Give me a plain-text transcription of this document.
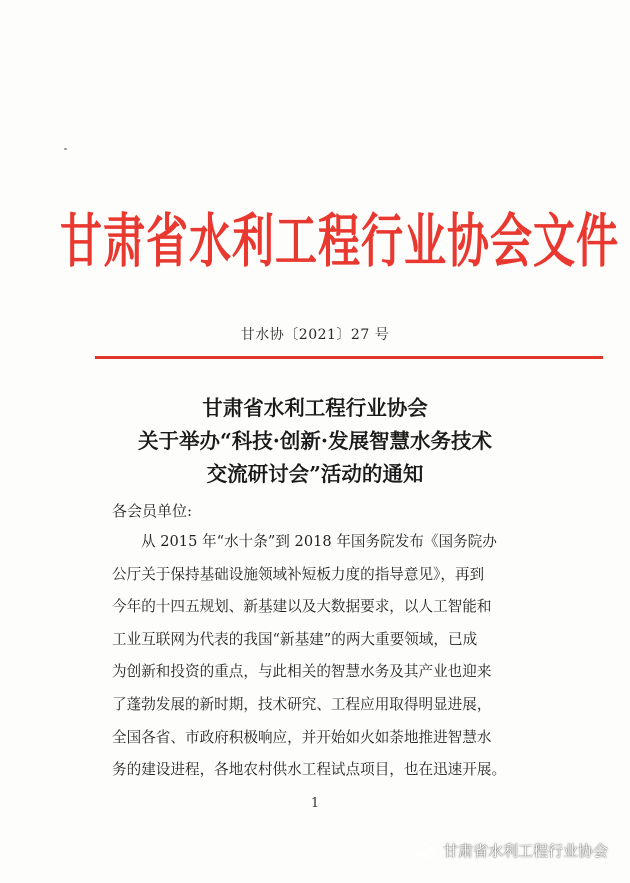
甘肃省水利工程行业协会文件
甘水协〔2021〕27 号
甘肃省水利工程行业协会
关于举办“科技·创新·发展智慧水务技术
交流研讨会”活动的通知
各会员单位:
从 2015 年“水十条”到 2018 年国务院发布《国务院办
公厅关于保持基础设施领域补短板力度的指导意见》，再到
今年的十四五规划、新基建以及大数据要求，以人工智能和
工业互联网为代表的我国“新基建”的两大重要领域，已成
为创新和投资的重点，与此相关的智慧水务及其产业也迎来
了蓬勃发展的新时期，技术研究、工程应用取得明显进展，
全国各省、市政府积极响应，并开始如火如荼地推进智慧水
务的建设进程，各地农村供水工程试点项目，也在迅速开展。
1
甘肃省水利工程行业协会
